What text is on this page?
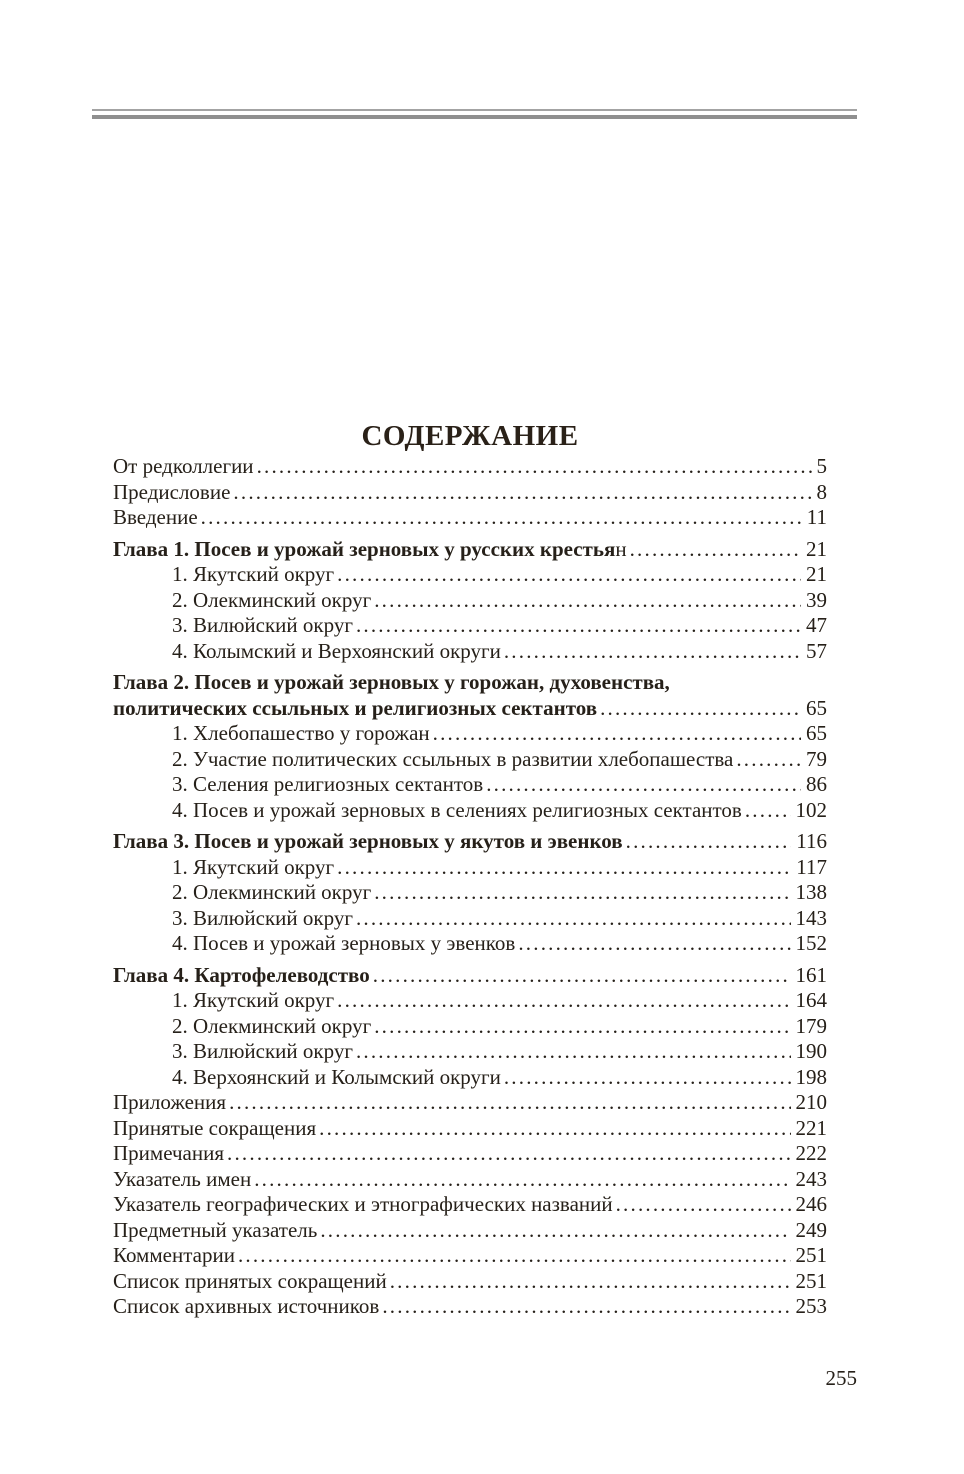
СОДЕРЖАНИЕ
От редколлегии .....	5
Предисловие .....	8
Введение .....	11
Глава 1. Посев и урожай зерновых у русских крестьян .....	21
1. Якутский округ .....	21
2. Олекминский округ .....	39
3. Вилюйский округ .....	47
4. Колымский и Верхоянский округи .....	57
Глава 2. Посев и урожай зерновых у горожан, духовенства,
политических ссыльных и религиозных сектантов .....	65
1. Хлебопашество у горожан .....	65
2. Участие политических ссыльных в развитии хлебопашества .....	79
3. Селения религиозных сектантов .....	86
4. Посев и урожай зерновых в селениях религиозных сектантов .....	102
Глава 3. Посев и урожай зерновых у якутов и эвенков .....	116
1. Якутский округ .....	117
2. Олекминский округ .....	138
3. Вилюйский округ .....	143
4. Посев и урожай зерновых у эвенков .....	152
Глава 4. Картофелеводство .....	161
1. Якутский округ .....	164
2. Олекминский округ .....	179
3. Вилюйский округ .....	190
4. Верхоянский и Колымский округи .....	198
Приложения .....	210
Принятые сокращения .....	221
Примечания .....	222
Указатель имен .....	243
Указатель географических и этнографических названий .....	246
Предметный указатель .....	249
Комментарии .....	251
Список принятых сокращений .....	251
Список архивных источников .....	253
255
